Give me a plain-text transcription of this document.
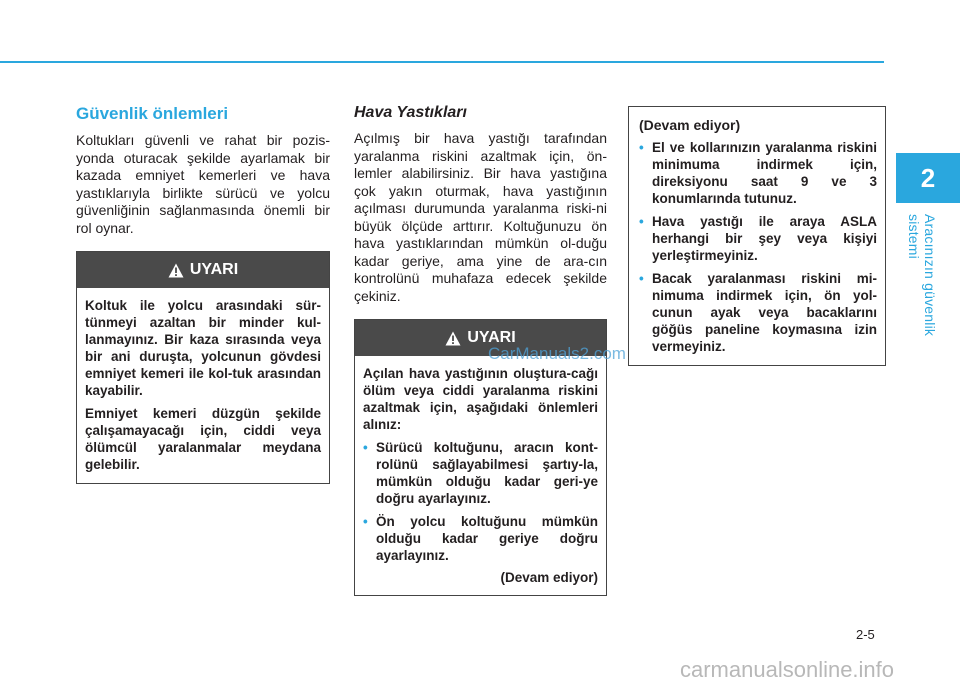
2
Aracınızın güvenlik sistemi
Güvenlik önlemleri

Koltukları güvenli ve rahat bir pozis-yonda oturacak şekilde ayarlamak bir kazada emniyet kemerleri ve hava yastıklarıyla birlikte sürücü ve yolcu güvenliğinin sağlanmasında önemli bir rol oynar.

UYARI

Koltuk ile yolcu arasındaki sür-tünmeyi azaltan bir minder kul-lanmayınız. Bir kaza sırasında veya bir ani duruşta, yolcunun gövdesi emniyet kemeri ile kol-tuk arasından kayabilir.

Emniyet kemeri düzgün şekilde çalışamayacağı için, ciddi veya ölümcül yaralanmalar meydana gelebilir.

Hava Yastıkları

Açılmış bir hava yastığı tarafından yaralanma riskini azaltmak için, ön-lemler alabilirsiniz. Bir hava yastığına çok yakın oturmak, hava yastığının açılması durumunda yaralanma riski-ni büyük ölçüde arttırır. Koltuğunuzu ön hava yastıklarından mümkün ol-duğu kadar geriye, ama yine de ara-cın kontrolünü muhafaza edecek şekilde çekiniz.

UYARI

Açılan hava yastığının oluştura-cağı ölüm veya ciddi yaralanma riskini azaltmak için, aşağıdaki önlemleri alınız:

• Sürücü koltuğunu, aracın kont-rolünü sağlayabilmesi şartıy-la, mümkün olduğu kadar geri-ye doğru ayarlayınız.
• Ön yolcu koltuğunu mümkün olduğu kadar geriye doğru ayarlayınız.
(Devam ediyor)
(Devam ediyor)
• El ve kollarınızın yaralanma riskini minimuma indirmek için, direksiyonu saat 9 ve 3 konumlarında tutunuz.
• Hava yastığı ile araya ASLA herhangi bir şey veya kişiyi yerleştirmeyiniz.
• Bacak yaralanması riskini mi-nimuma indirmek için, ön yol-cunun ayak veya bacaklarını göğüs paneline koymasına izin vermeyiniz.
CarManuals2.com
2-5
carmanualsonline.info
